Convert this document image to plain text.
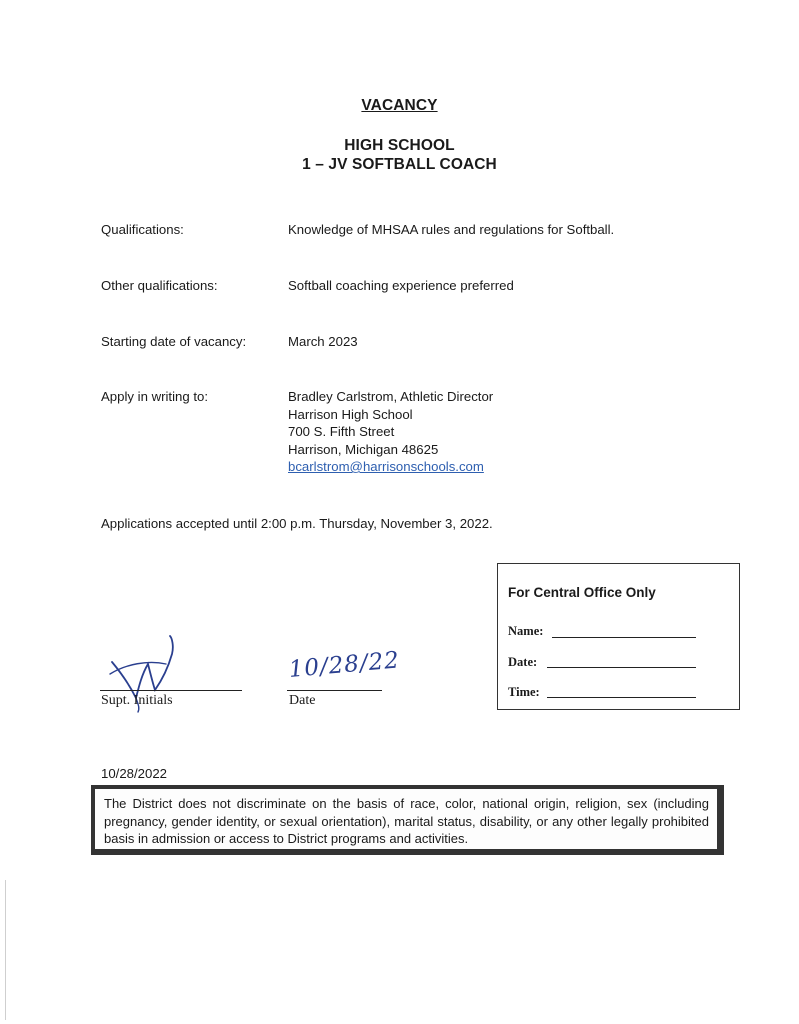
VACANCY
HIGH SCHOOL
1 – JV SOFTBALL COACH
Qualifications:	Knowledge of MHSAA rules and regulations for Softball.
Other qualifications:	Softball coaching experience preferred
Starting date of vacancy:	March 2023
Apply in writing to:	Bradley Carlstrom, Athletic Director
Harrison High School
700 S. Fifth Street
Harrison, Michigan 48625
bcarlstrom@harrisonschools.com
Applications accepted until 2:00 p.m. Thursday, November 3, 2022.
Supt. Initials	Date
10/28/22
For Central Office Only
Name:
Date:
Time:
10/28/2022
The District does not discriminate on the basis of race, color, national origin, religion, sex (including pregnancy, gender identity, or sexual orientation), marital status, disability, or any other legally prohibited basis in admission or access to District programs and activities.
